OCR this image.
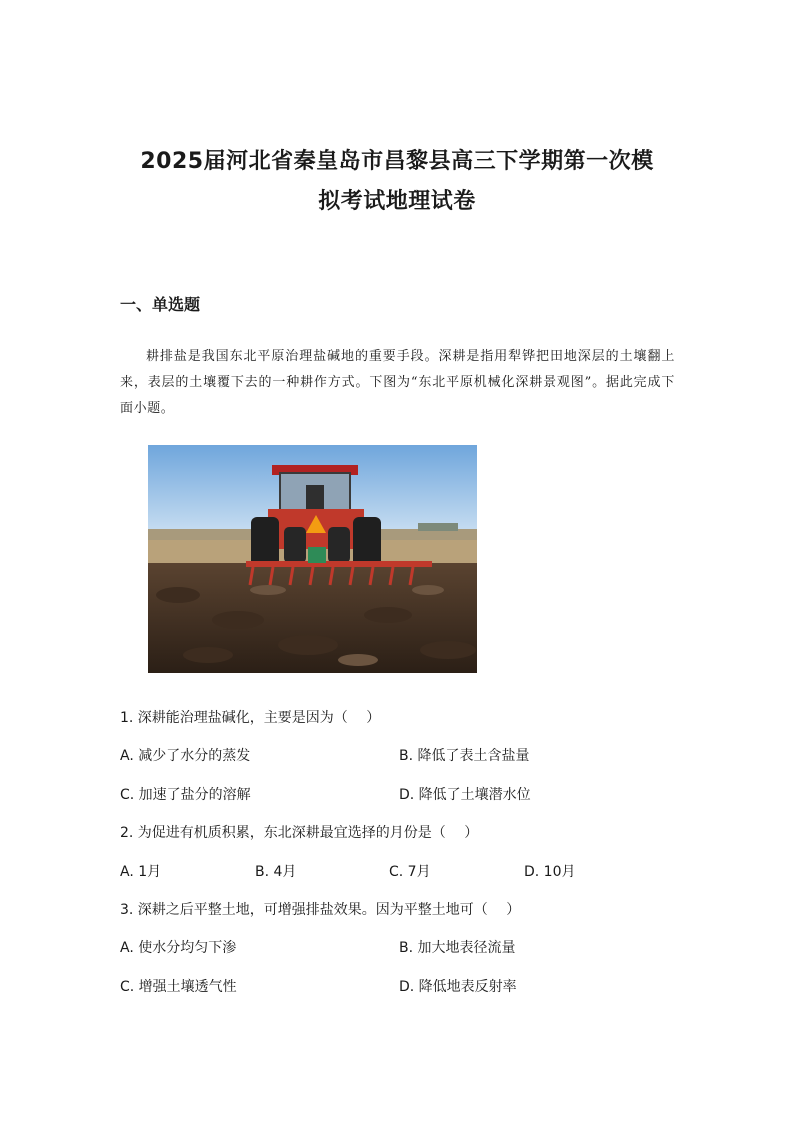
2025届河北省秦皇岛市昌黎县高三下学期第一次模
拟考试地理试卷
一、单选题
耕排盐是我国东北平原治理盐碱地的重要手段。深耕是指用犁铧把田地深层的土壤翻上来，表层的土壤覆下去的一种耕作方式。下图为“东北平原机械化深耕景观图”。据此完成下面小题。
1. 深耕能治理盐碱化，主要是因为（　 ）
A. 减少了水分的蒸发	B. 降低了表土含盐量
C. 加速了盐分的溶解	D. 降低了土壤潜水位
2. 为促进有机质积累，东北深耕最宜选择的月份是（　 ）
A. 1月	B. 4月	C. 7月	D. 10月
3. 深耕之后平整土地，可增强排盐效果。因为平整土地可（　 ）
A. 使水分均匀下渗	B. 加大地表径流量
C. 增强土壤透气性	D. 降低地表反射率
